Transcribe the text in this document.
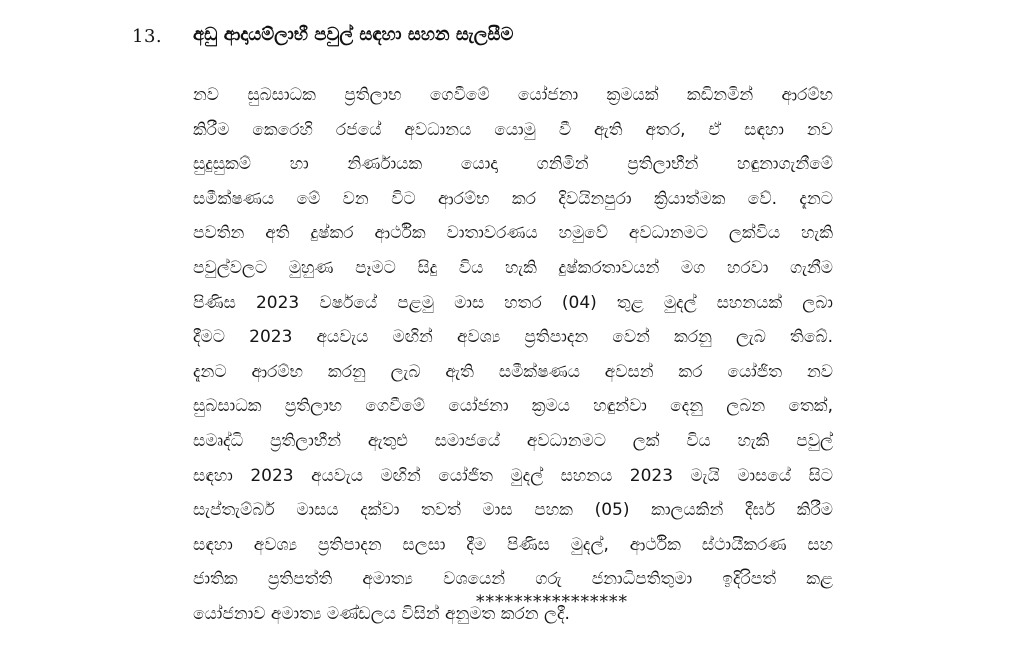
13. අඩු ආදායම්ලාභී පවුල් සඳහා සහන සැලසීම
නව සුබසාධක ප්‍රතිලාභ ගෙවීමේ යෝජනා ක්‍රමයක් කඩිනමින් ආරම්භ
කිරීම කෙරෙහි රජයේ අවධානය යොමු වී ඇති අතර, ඒ සඳහා නව
සුදුසුකම් හා නිර්ණායක යොදා ගනිමින් ප්‍රතිලාභීන් හඳුනාගැනීමේ
සමීක්ෂණය මේ වන විට ආරම්භ කර දිවයිනපුරා ක්‍රියාත්මක වේ. දැනට
පවතින අති දුෂ්කර ආර්ථික වාතාවරණය හමුවේ අවධානමට ලක්විය හැකි
පවුල්වලට මුහුණ පෑමට සිදු විය හැකි දුෂ්කරතාවයන් මග හරවා ගැනීම
පිණිස 2023 වර්ෂයේ පළමු මාස හතර (04) තුළ මුදල් සහනයක් ලබා
දීමට 2023 අයවැය මඟින් අවශ්‍ය ප්‍රතිපාදන වෙන් කරනු ලැබ තිබේ.
දැනට ආරම්භ කරනු ලැබ ඇති සමීක්ෂණය අවසන් කර යෝජිත නව
සුබසාධක ප්‍රතිලාභ ගෙවීමේ යෝජනා ක්‍රමය හඳුන්වා දෙනු ලබන තෙක්,
සමෘද්ධි ප්‍රතිලාභීන් ඇතුළු සමාජයේ අවධානමට ලක් විය හැකි පවුල්
සඳහා 2023 අයවැය මඟින් යෝජිත මුදල් සහනය 2023 මැයි මාසයේ සිට
සැප්තැම්බර් මාසය දක්වා තවත් මාස පහක (05) කාලයකින් දීර්ඝ කිරීම
සඳහා අවශ්‍ය ප්‍රතිපාදන සලසා දීම පිණිස මුදල්, ආර්ථික ස්ථායීකරණ සහ
ජාතික ප්‍රතිපත්ති අමාත්‍ය වශයෙන් ගරු ජනාධිපතිතුමා ඉදිරිපත් කළ
යෝජනාව අමාත්‍ය මණ්ඩලය විසින් අනුමත කරන ලදී.
****************
